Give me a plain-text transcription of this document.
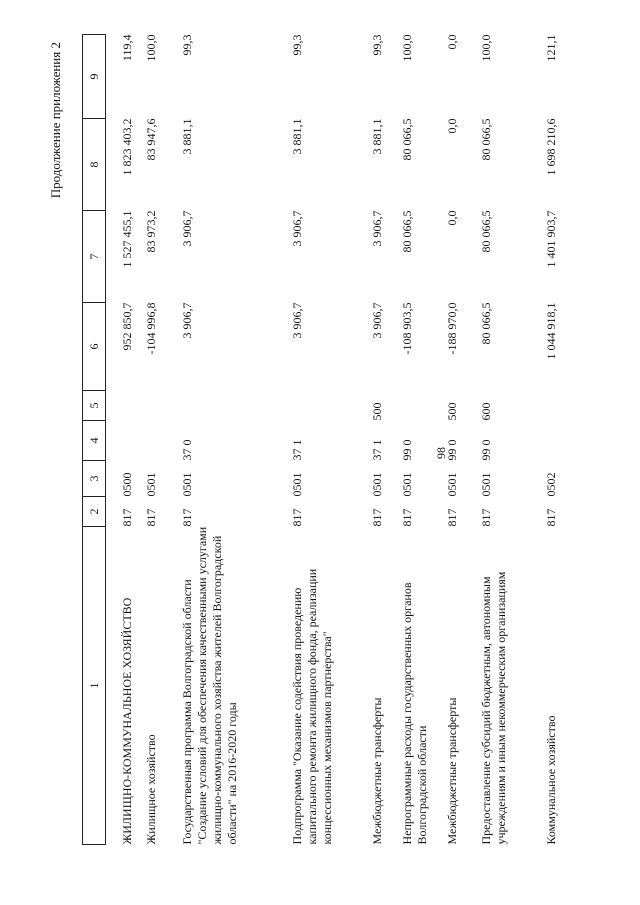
98
Продолжение приложения 2
1	2	3	4	5	6	7	8	9
ЖИЛИЩНО-КОММУНАЛЬНОЕ ХОЗЯЙСТВО	817	0500			952 850,7	1 527 455,1	1 823 403,2	119,4
Жилищное хозяйство	817	0501			-104 996,8	83 973,2	83 947,6	100,0
Государственная программа Волгоградской области "Создание условий для обеспечения качественными услугами жилищно-коммунального хозяйства жителей Волгоградской области" на 2016-2020 годы	817	0501	37 0		3 906,7	3 906,7	3 881,1	99,3
Подпрограмма "Оказание содействия проведению капитального ремонта жилищного фонда, реализации концессионных механизмов партнерства"	817	0501	37 1		3 906,7	3 906,7	3 881,1	99,3
Межбюджетные трансферты	817	0501	37 1	500	3 906,7	3 906,7	3 881,1	99,3
Непрограммные расходы государственных органов Волгоградской области	817	0501	99 0		-108 903,5	80 066,5	80 066,5	100,0
Межбюджетные трансферты	817	0501	99 0	500	-188 970,0	0,0	0,0	0,0
Предоставление субсидий бюджетным, автономным учреждениям и иным некоммерческим организациям	817	0501	99 0	600	80 066,5	80 066,5	80 066,5	100,0
Коммунальное хозяйство	817	0502			1 044 918,1	1 401 903,7	1 698 210,6	121,1
